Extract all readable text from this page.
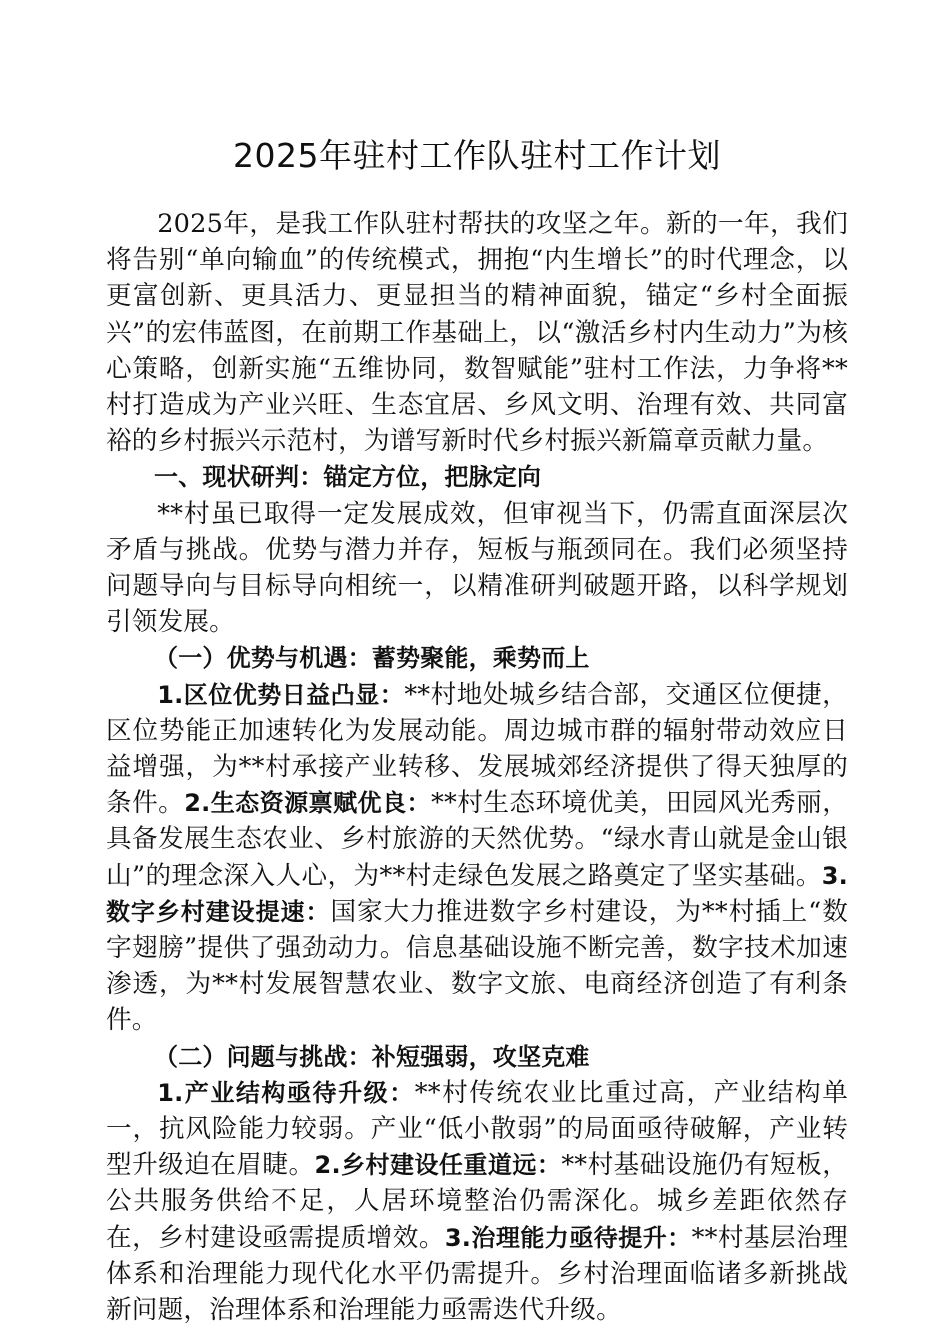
2025年驻村工作队驻村工作计划

2025年，是我工作队驻村帮扶的攻坚之年。新的一年，我们将告别“单向输血”的传统模式，拥抱“内生增长”的时代理念，以更富创新、更具活力、更显担当的精神面貌，锚定“乡村全面振兴”的宏伟蓝图，在前期工作基础上，以“激活乡村内生动力”为核心策略，创新实施“五维协同，数智赋能”驻村工作法，力争将**村打造成为产业兴旺、生态宜居、乡风文明、治理有效、共同富裕的乡村振兴示范村，为谱写新时代乡村振兴新篇章贡献力量。

一、现状研判：锚定方位，把脉定向

**村虽已取得一定发展成效，但审视当下，仍需直面深层次矛盾与挑战。优势与潜力并存，短板与瓶颈同在。我们必须坚持问题导向与目标导向相统一，以精准研判破题开路，以科学规划引领发展。

（一）优势与机遇：蓄势聚能，乘势而上

1.区位优势日益凸显：**村地处城乡结合部，交通区位便捷，区位势能正加速转化为发展动能。周边城市群的辐射带动效应日益增强，为**村承接产业转移、发展城郊经济提供了得天独厚的条件。2.生态资源禀赋优良：**村生态环境优美，田园风光秀丽，具备发展生态农业、乡村旅游的天然优势。“绿水青山就是金山银山”的理念深入人心，为**村走绿色发展之路奠定了坚实基础。3.数字乡村建设提速：国家大力推进数字乡村建设，为**村插上“数字翅膀”提供了强劲动力。信息基础设施不断完善，数字技术加速渗透，为**村发展智慧农业、数字文旅、电商经济创造了有利条件。

（二）问题与挑战：补短强弱，攻坚克难

1.产业结构亟待升级：**村传统农业比重过高，产业结构单一，抗风险能力较弱。产业“低小散弱”的局面亟待破解，产业转型升级迫在眉睫。2.乡村建设任重道远：**村基础设施仍有短板，公共服务供给不足，人居环境整治仍需深化。城乡差距依然存在，乡村建设亟需提质增效。3.治理能力亟待提升：**村基层治理体系和治理能力现代化水平仍需提升。乡村治理面临诸多新挑战新问题，治理体系和治理能力亟需迭代升级。
